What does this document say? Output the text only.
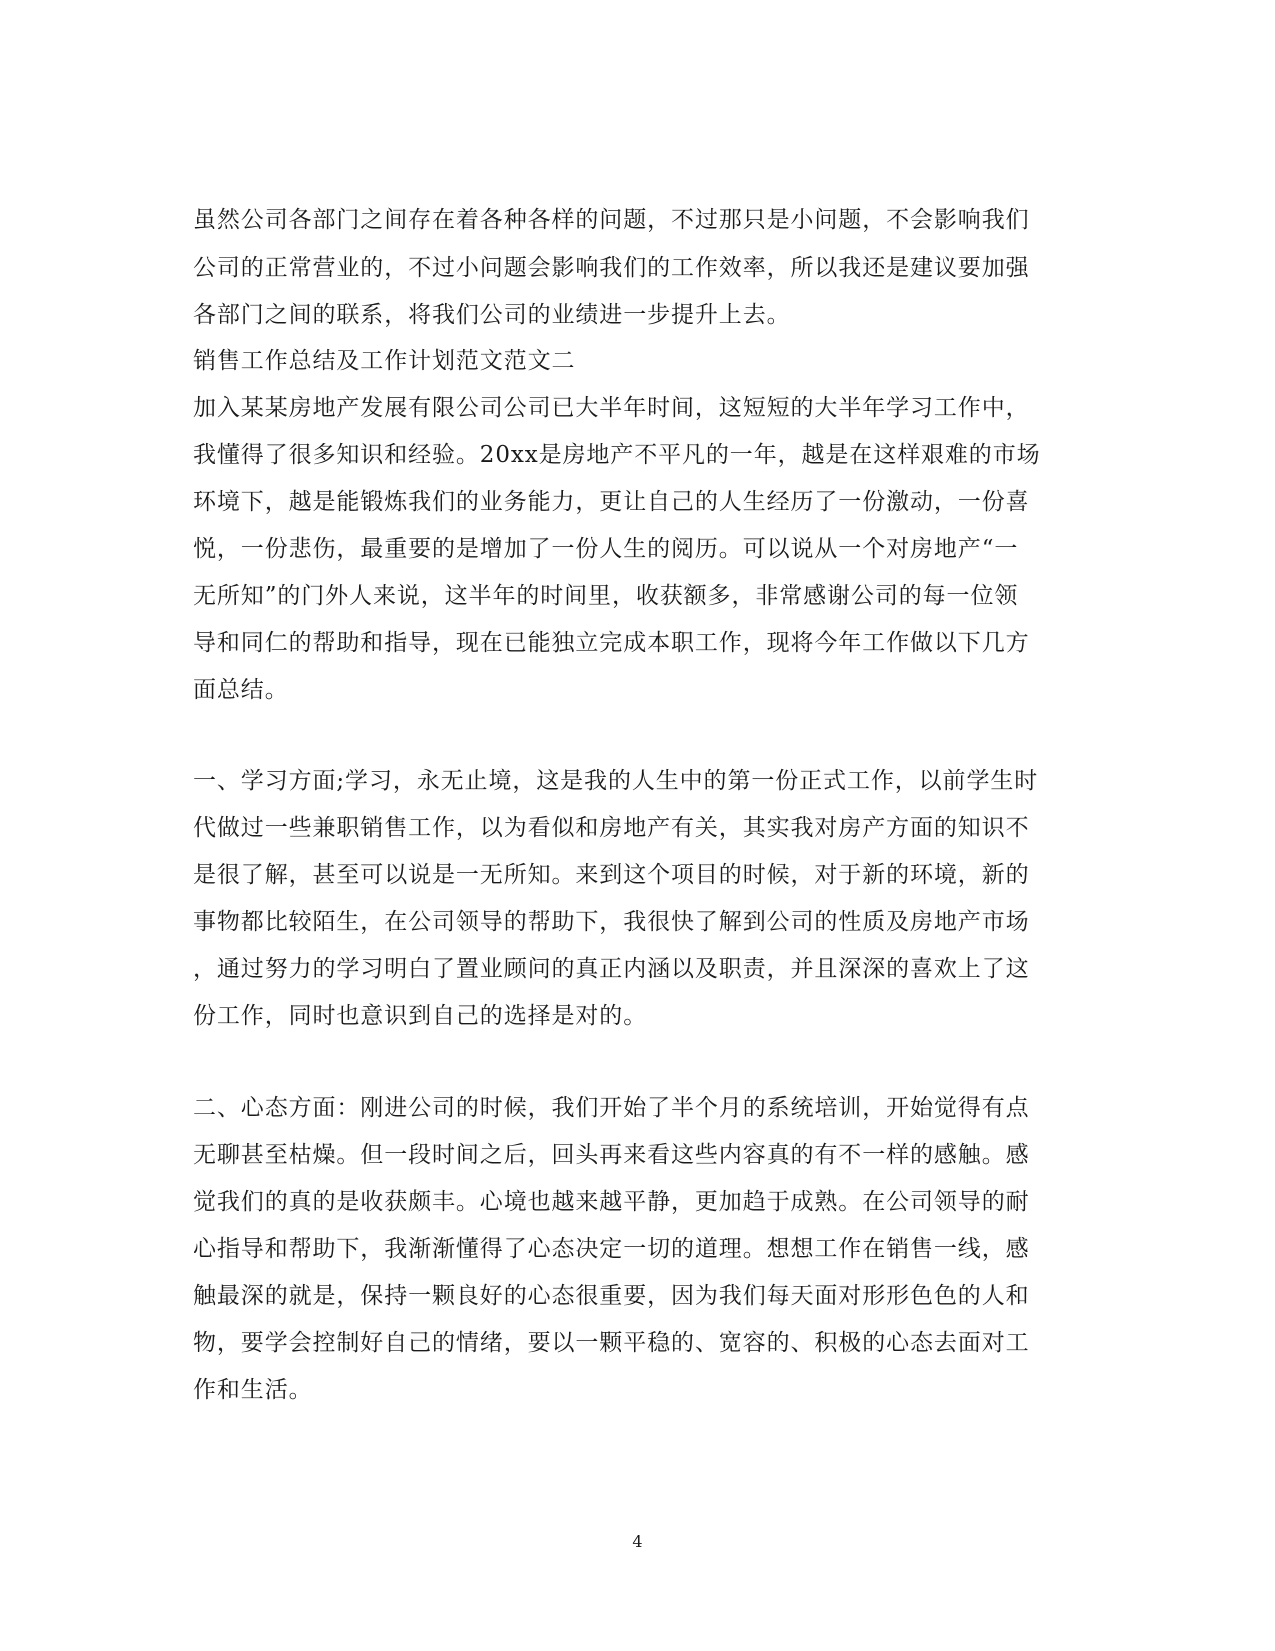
虽然公司各部门之间存在着各种各样的问题，不过那只是小问题，不会影响我们
公司的正常营业的，不过小问题会影响我们的工作效率，所以我还是建议要加强
各部门之间的联系，将我们公司的业绩进一步提升上去。
销售工作总结及工作计划范文范文二
加入某某房地产发展有限公司公司已大半年时间，这短短的大半年学习工作中，
我懂得了很多知识和经验。20xx是房地产不平凡的一年，越是在这样艰难的市场
环境下，越是能锻炼我们的业务能力，更让自己的人生经历了一份激动，一份喜
悦，一份悲伤，最重要的是增加了一份人生的阅历。可以说从一个对房地产“一
无所知”的门外人来说，这半年的时间里，收获额多，非常感谢公司的每一位领
导和同仁的帮助和指导，现在已能独立完成本职工作，现将今年工作做以下几方
面总结。
一、学习方面;学习，永无止境，这是我的人生中的第一份正式工作，以前学生时
代做过一些兼职销售工作，以为看似和房地产有关，其实我对房产方面的知识不
是很了解，甚至可以说是一无所知。来到这个项目的时候，对于新的环境，新的
事物都比较陌生，在公司领导的帮助下，我很快了解到公司的性质及房地产市场
，通过努力的学习明白了置业顾问的真正内涵以及职责，并且深深的喜欢上了这
份工作，同时也意识到自己的选择是对的。
二、心态方面：刚进公司的时候，我们开始了半个月的系统培训，开始觉得有点
无聊甚至枯燥。但一段时间之后，回头再来看这些内容真的有不一样的感触。感
觉我们的真的是收获颇丰。心境也越来越平静，更加趋于成熟。在公司领导的耐
心指导和帮助下，我渐渐懂得了心态决定一切的道理。想想工作在销售一线，感
触最深的就是，保持一颗良好的心态很重要，因为我们每天面对形形色色的人和
物，要学会控制好自己的情绪，要以一颗平稳的、宽容的、积极的心态去面对工
作和生活。
4
